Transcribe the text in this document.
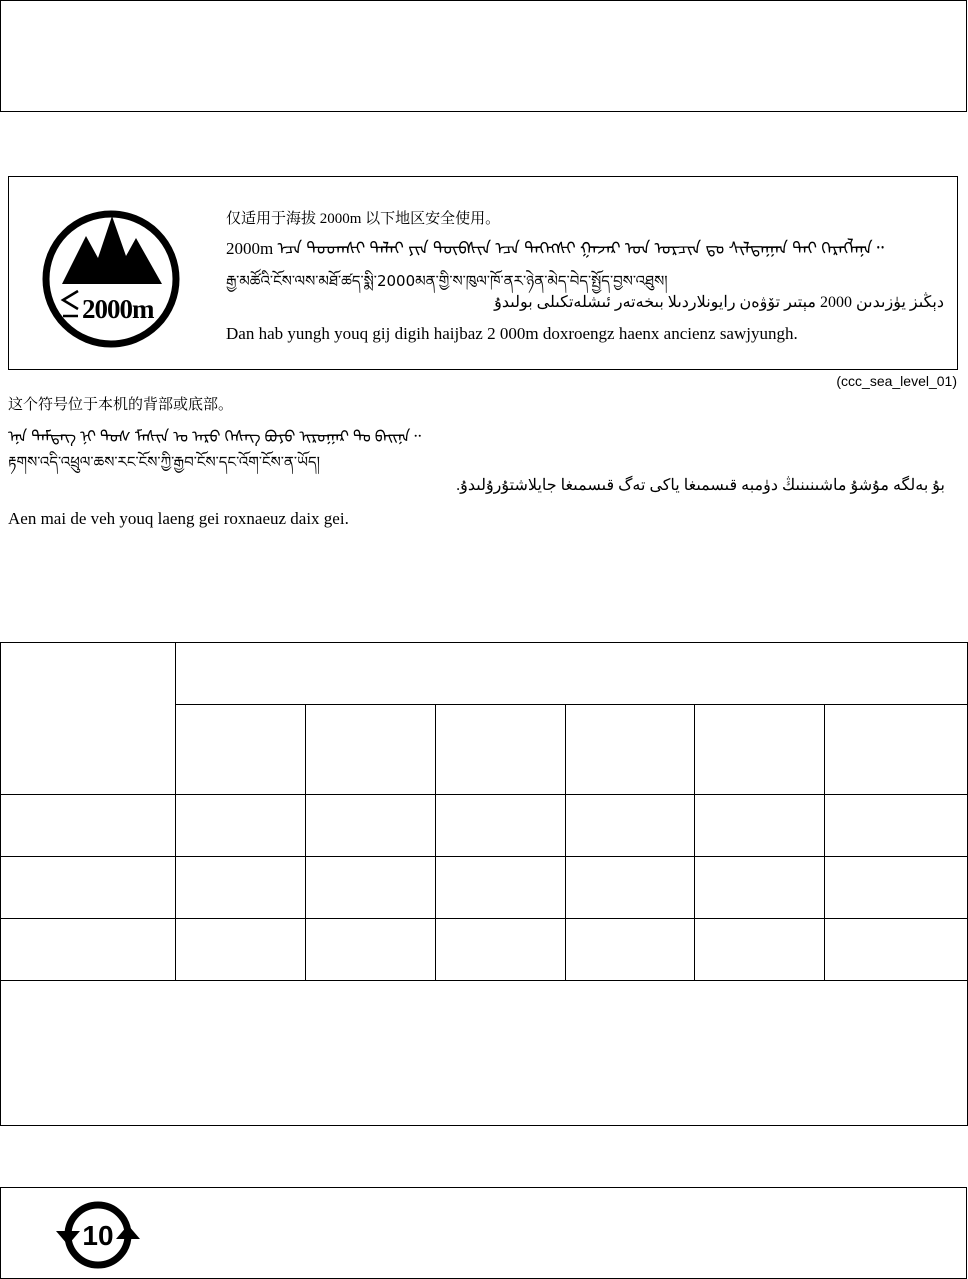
2000m
仅适用于海拔 2000m 以下地区安全使用。
2000m ᠡᠴᠡ ᠳᠣᠣᠭᠰᠢ ᠳᠠᠯᠠᠢ ᠶᠢᠨ ᠲᠦᠪᠰᠢᠨ ᠡᠴᠡ ᠳᠡᠭᠡᠭᠰᠢ ᠭᠠᠵᠠᠷ ᠤᠨ ᠤᠷᠴᠢᠨ ᠳᠤ ᠰᠢᠯᠲᠠᠭᠠᠨ ᠲᠠᠢ ᠬᠡᠷᠡᠭᠯᠡᠨᠡ᠃
རྒྱ་མཚོའི་ངོས་ལས་མཐོ་ཚད་སྨི་2000མན་གྱི་ས་ཁུལ་ཁོ་ནར་ཉེན་མེད་བེད་སྤྱོད་བྱས་འཐུས།
دېڭىز يۈزىدىن 2000 مېتىر تۆۋەن رايونلاردىلا بىخەتەر ئىشلەتكىلى بولىدۇ
Dan hab yungh youq gij digih haijbaz 2 000m doxroengz haenx ancienz sawjyungh.
(ccc_sea_level_01)
这个符号位于本机的背部或底部。
ᠡᠨᠡ ᠲᠡᠮᠳᠡᠭ ᠨᠢ ᠲᠤᠰ ᠮᠠᠰᠢᠨ ᠤ ᠠᠷᠤ ᠬᠡᠰᠡᠭ ᠪᠤᠶᠤ ᠢᠷᠤᠭᠠᠷ ᠲᠤ ᠪᠠᠢᠨᠠ᠃
རྟགས་འདི་འཕྲུལ་ཆས་རང་ངོས་ཀྱི་རྒྱབ་ངོས་དང་འོག་ངོས་ན་ཡོད།
بۇ بەلگە مۇشۇ ماشىنىنىڭ دۈمبە قىسمىغا ياكى تەگ قىسمىغا جايلاشتۇرۇلىدۇ.
Aen mai de veh youq laeng gei roxnaeuz daix gei.

10
